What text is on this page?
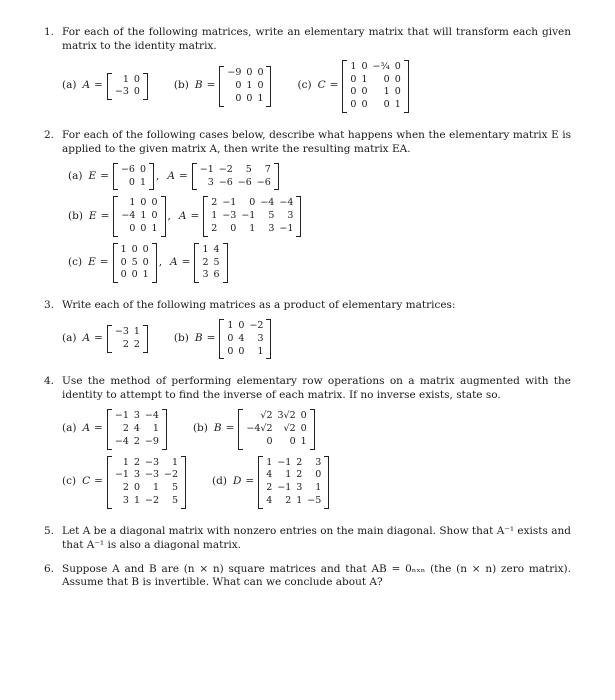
1. For each of the following matrices, write an elementary matrix that will transform each given matrix to the identity matrix.
(a) A =
1	0
−3	0

(b) B =
−9	0	0
0	1	0
0	0	1

(c) C =
1	0	−¾	0
0	1	0	0
0	0	1	0
0	0	0	1

2. For each of the following cases below, describe what happens when the elementary matrix E is applied to the given matrix A, then write the resulting matrix EA.
(a) E =
−6	0
0	1

, A =
−1	−2	5	7
3	−6	−6	−6

(b) E =
1	0	0
−4	1	0
0	0	1

, A =
2	−1	0	−4	−4
1	−3	−1	5	3
2	0	1	3	−1

(c) E =
1	0	0
0	5	0
0	0	1

, A =
1	4
2	5
3	6

3. Write each of the following matrices as a product of elementary matrices:
(a) A =
−3	1
2	2

(b) B =
1	0	−2
0	4	3
0	0	1

4. Use the method of performing elementary row operations on a matrix augmented with the identity to attempt to find the inverse of each matrix. If no inverse exists, state so.
(a) A =
−1	3	−4
2	4	1
−4	2	−9

(b) B =
√2	3√2	0
−4√2	√2	0
0	0	1

(c) C =
1	2	−3	1
−1	3	−3	−2
2	0	1	5
3	1	−2	5

(d) D =
1	−1	2	3
4	1	2	0
2	−1	3	1
4	2	1	−5

5. Let A be a diagonal matrix with nonzero entries on the main diagonal. Show that A⁻¹ exists and that A⁻¹ is also a diagonal matrix.
6. Suppose A and B are (n × n) square matrices and that AB = 0ₙₓₙ (the (n × n) zero matrix). Assume that B is invertible. What can we conclude about A?
